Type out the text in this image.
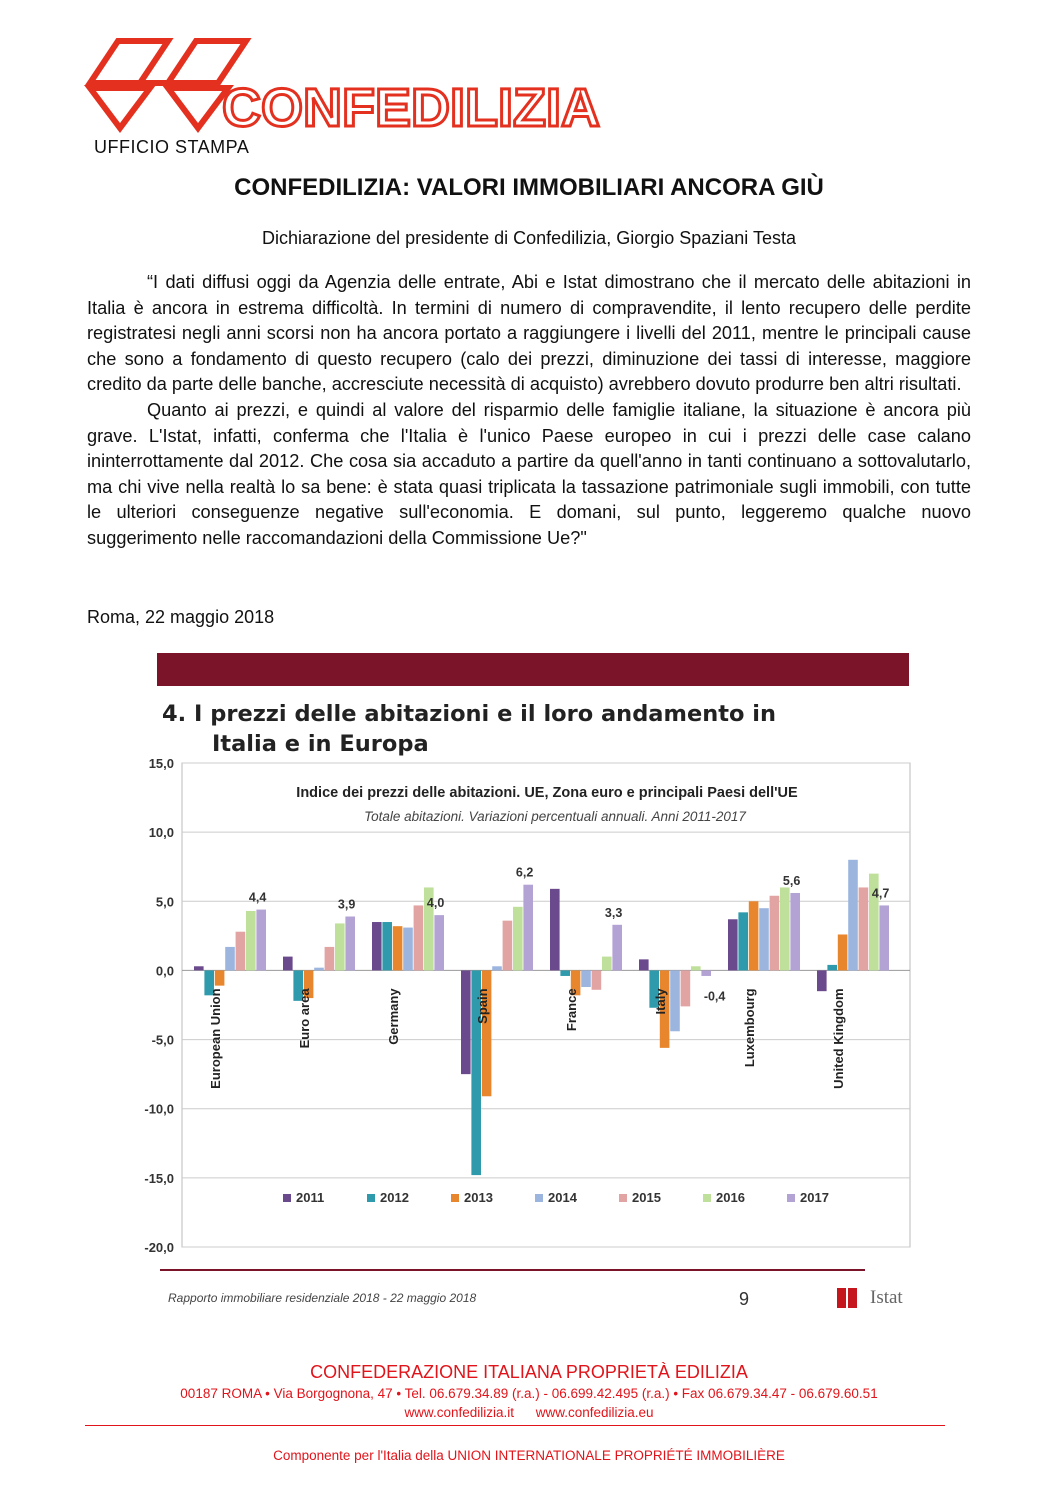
CONFEDILIZIA
UFFICIO STAMPA
CONFEDILIZIA: VALORI IMMOBILIARI ANCORA GIÙ
Dichiarazione del presidente di Confedilizia, Giorgio Spaziani Testa

“I dati diffusi oggi da Agenzia delle entrate, Abi e Istat dimostrano che il mercato delle abitazioni in Italia è ancora in estrema difficoltà. In termini di numero di compravendite, il lento recupero delle perdite registratesi negli anni scorsi non ha ancora portato a raggiungere i livelli del 2011, mentre le principali cause che sono a fondamento di questo recupero (calo dei prezzi, diminuzione dei tassi di interesse, maggiore credito da parte delle banche, accresciute necessità di acquisto) avrebbero dovuto produrre ben altri risultati.

Quanto ai prezzi, e quindi al valore del risparmio delle famiglie italiane, la situazione è ancora più grave. L'Istat, infatti, conferma che l'Italia è l'unico Paese europeo in cui i prezzi delle case calano ininterrottamente dal 2012. Che cosa sia accaduto a partire da quell'anno in tanti continuano a sottovalutarlo, ma chi vive nella realtà lo sa bene: è stata quasi triplicata la tassazione patrimoniale sugli immobili, con tutte le ulteriori conseguenze negative sull'economia. E domani, sul punto, leggeremo qualche nuovo suggerimento nelle raccomandazioni della Commissione Ue?"

Roma, 22 maggio 2018
4. I prezzi delle abitazioni e il loro andamento in
Italia e in Europa
15,0
10,0
5,0
0,0
-5,0
-10,0
-15,0
-20,0
Indice dei prezzi delle abitazioni. UE, Zona euro e principali Paesi dell'UE
Totale abitazioni. Variazioni percentuali annuali. Anni 2011-2017
4,4
European Union
3,9
Euro area
4,0
Germany
6,2
Spain
3,3
France	-0,4
Italy
5,6
Luxembourg
4,7
United Kingdom
2011	2012	2013	2014	2015	2016	2017
Rapporto immobiliare residenziale 2018 - 22 maggio 2018	9	Istat
CONFEDERAZIONE ITALIANA PROPRIETÀ EDILIZIA
00187 ROMA • Via Borgognona, 47 • Tel. 06.679.34.89 (r.a.) - 06.699.42.495 (r.a.) • Fax 06.679.34.47 - 06.679.60.51
www.confedilizia.it www.confedilizia.eu
Componente per l'Italia della UNION INTERNATIONALE PROPRIÉTÉ IMMOBILIÈRE
